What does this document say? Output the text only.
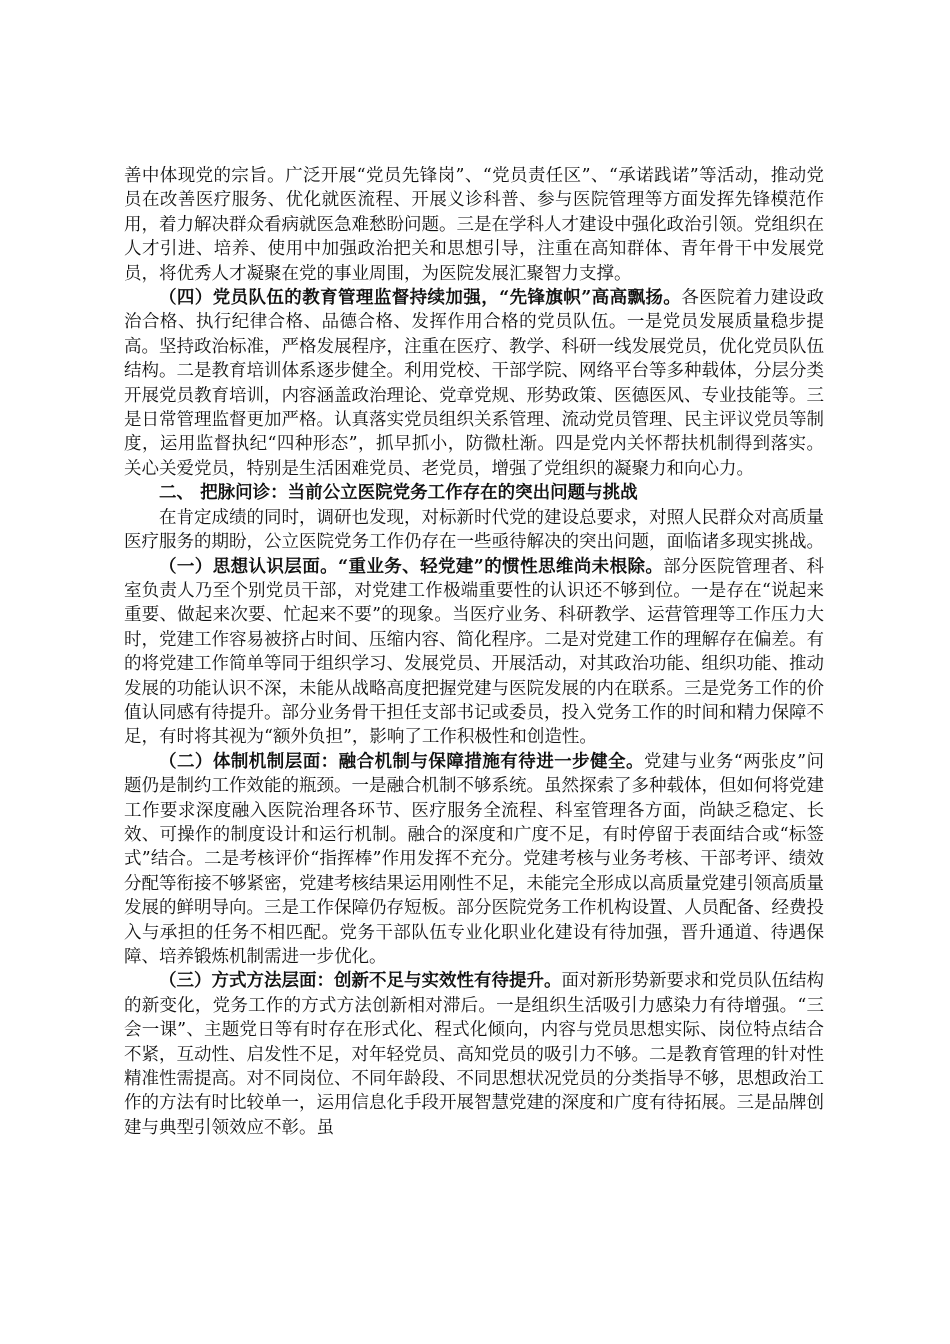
善中体现党的宗旨。广泛开展“党员先锋岗”、“党员责任区”、“承诺践诺”等活动，推动党员在改善医疗服务、优化就医流程、开展义诊科普、参与医院管理等方面发挥先锋模范作用，着力解决群众看病就医急难愁盼问题。三是在学科人才建设中强化政治引领。党组织在人才引进、培养、使用中加强政治把关和思想引导，注重在高知群体、青年骨干中发展党员，将优秀人才凝聚在党的事业周围，为医院发展汇聚智力支撑。

（四）党员队伍的教育管理监督持续加强，“先锋旗帜”高高飘扬。各医院着力建设政治合格、执行纪律合格、品德合格、发挥作用合格的党员队伍。一是党员发展质量稳步提高。坚持政治标准，严格发展程序，注重在医疗、教学、科研一线发展党员，优化党员队伍结构。二是教育培训体系逐步健全。利用党校、干部学院、网络平台等多种载体，分层分类开展党员教育培训，内容涵盖政治理论、党章党规、形势政策、医德医风、专业技能等。三是日常管理监督更加严格。认真落实党员组织关系管理、流动党员管理、民主评议党员等制度，运用监督执纪“四种形态”，抓早抓小，防微杜渐。四是党内关怀帮扶机制得到落实。关心关爱党员，特别是生活困难党员、老党员，增强了党组织的凝聚力和向心力。

二、 把脉问诊：当前公立医院党务工作存在的突出问题与挑战

在肯定成绩的同时，调研也发现，对标新时代党的建设总要求，对照人民群众对高质量医疗服务的期盼，公立医院党务工作仍存在一些亟待解决的突出问题，面临诸多现实挑战。

（一）思想认识层面。“重业务、轻党建”的惯性思维尚未根除。部分医院管理者、科室负责人乃至个别党员干部，对党建工作极端重要性的认识还不够到位。一是存在“说起来重要、做起来次要、忙起来不要”的现象。当医疗业务、科研教学、运营管理等工作压力大时，党建工作容易被挤占时间、压缩内容、简化程序。二是对党建工作的理解存在偏差。有的将党建工作简单等同于组织学习、发展党员、开展活动，对其政治功能、组织功能、推动发展的功能认识不深，未能从战略高度把握党建与医院发展的内在联系。三是党务工作的价值认同感有待提升。部分业务骨干担任支部书记或委员，投入党务工作的时间和精力保障不足，有时将其视为“额外负担”，影响了工作积极性和创造性。

（二）体制机制层面：融合机制与保障措施有待进一步健全。党建与业务“两张皮”问题仍是制约工作效能的瓶颈。一是融合机制不够系统。虽然探索了多种载体，但如何将党建工作要求深度融入医院治理各环节、医疗服务全流程、科室管理各方面，尚缺乏稳定、长效、可操作的制度设计和运行机制。融合的深度和广度不足，有时停留于表面结合或“标签式”结合。二是考核评价“指挥棒”作用发挥不充分。党建考核与业务考核、干部考评、绩效分配等衔接不够紧密，党建考核结果运用刚性不足，未能完全形成以高质量党建引领高质量发展的鲜明导向。三是工作保障仍存短板。部分医院党务工作机构设置、人员配备、经费投入与承担的任务不相匹配。党务干部队伍专业化职业化建设有待加强，晋升通道、待遇保障、培养锻炼机制需进一步优化。

（三）方式方法层面：创新不足与实效性有待提升。面对新形势新要求和党员队伍结构的新变化，党务工作的方式方法创新相对滞后。一是组织生活吸引力感染力有待增强。“三会一课”、主题党日等有时存在形式化、程式化倾向，内容与党员思想实际、岗位特点结合不紧，互动性、启发性不足，对年轻党员、高知党员的吸引力不够。二是教育管理的针对性精准性需提高。对不同岗位、不同年龄段、不同思想状况党员的分类指导不够，思想政治工作的方法有时比较单一，运用信息化手段开展智慧党建的深度和广度有待拓展。三是品牌创建与典型引领效应不彰。虽
